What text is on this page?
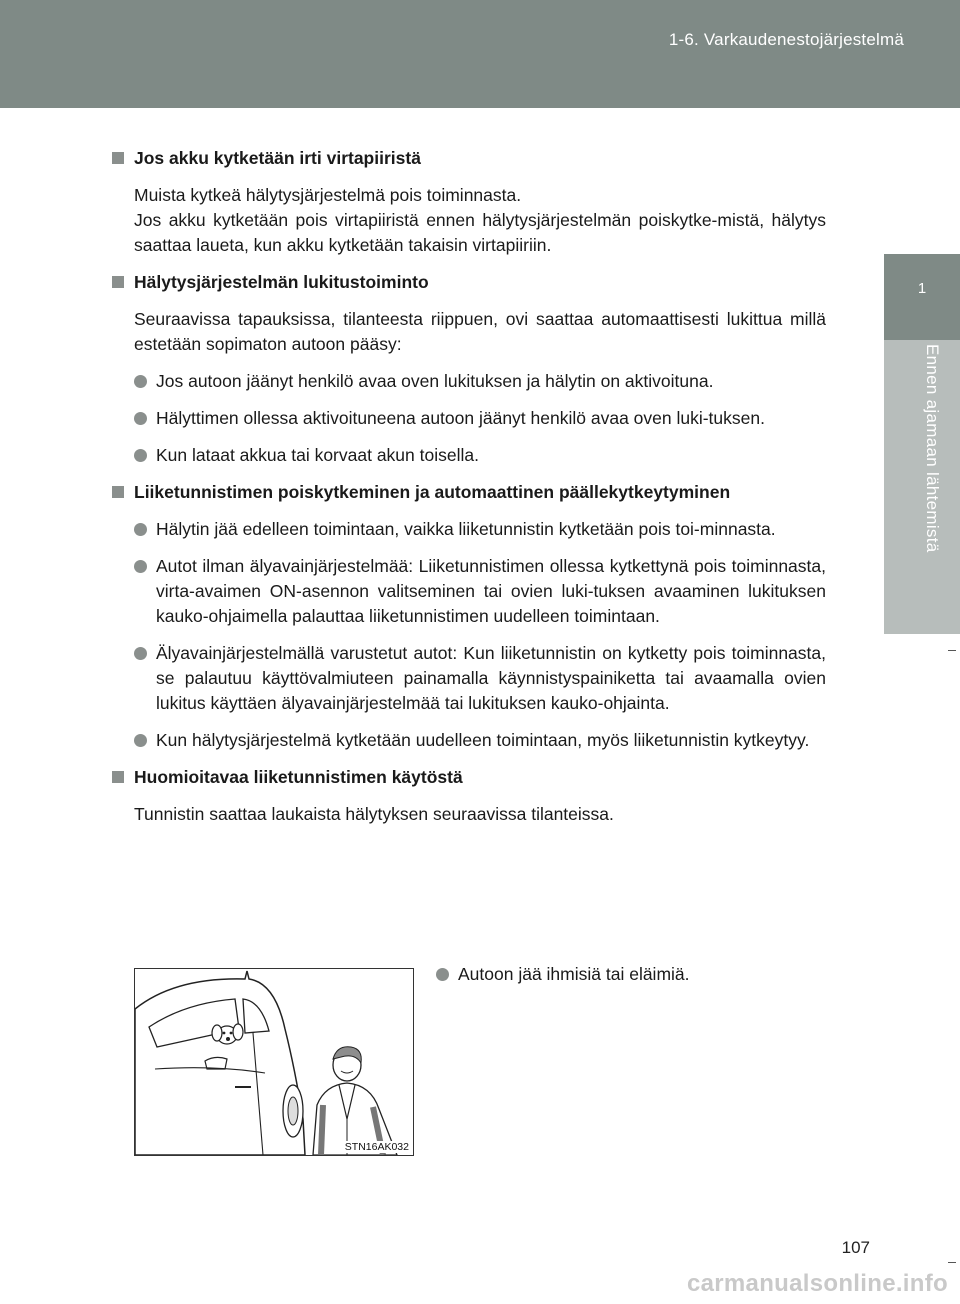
1-6. Varkaudenestojärjestelmä
1
Ennen ajamaan lähtemistä
Jos akku kytketään irti virtapiiristä
Muista kytkeä hälytysjärjestelmä pois toiminnasta.
Jos akku kytketään pois virtapiiristä ennen hälytysjärjestelmän poiskytke-mistä, hälytys saattaa laueta, kun akku kytketään takaisin virtapiiriin.
Hälytysjärjestelmän lukitustoiminto
Seuraavissa tapauksissa, tilanteesta riippuen, ovi saattaa automaattisesti lukittua millä estetään sopimaton autoon pääsy:
Jos autoon jäänyt henkilö avaa oven lukituksen ja hälytin on aktivoituna.
Hälyttimen ollessa aktivoituneena autoon jäänyt henkilö avaa oven luki-tuksen.
Kun lataat akkua tai korvaat akun toisella.
Liiketunnistimen poiskytkeminen ja automaattinen päällekytkeytyminen
Hälytin jää edelleen toimintaan, vaikka liiketunnistin kytketään pois toi-minnasta.
Autot ilman älyavainjärjestelmää: Liiketunnistimen ollessa kytkettynä pois toiminnasta, virta-avaimen ON-asennon valitseminen tai ovien luki-tuksen avaaminen lukituksen kauko-ohjaimella palauttaa liiketunnistimen uudelleen toimintaan.
Älyavainjärjestelmällä varustetut autot: Kun liiketunnistin on kytketty pois toiminnasta, se palautuu käyttövalmiuteen painamalla käynnistyspainiketta tai avaamalla ovien lukitus käyttäen älyavainjärjestelmää tai lukituksen kauko-ohjainta.
Kun hälytysjärjestelmä kytketään uudelleen toimintaan, myös liiketunnistin kytkeytyy.
Huomioitavaa liiketunnistimen käytöstä
Tunnistin saattaa laukaista hälytyksen seuraavissa tilanteissa.
STN16AK032
Autoon jää ihmisiä tai eläimiä.
107
carmanualsonline.info
